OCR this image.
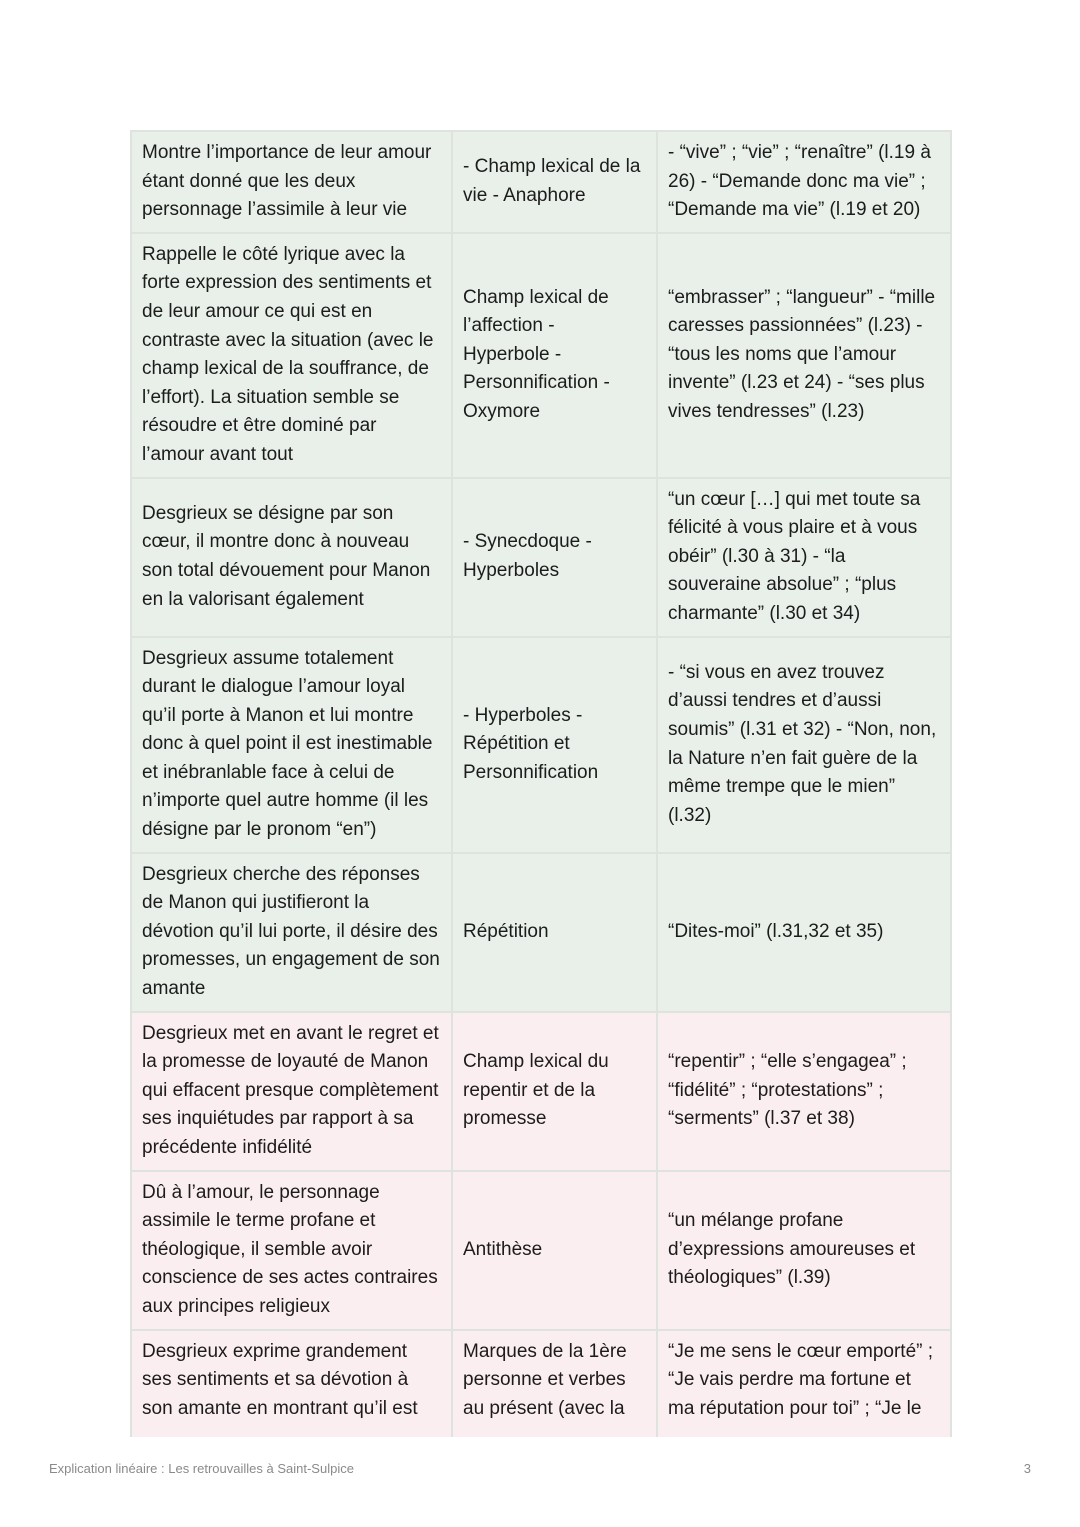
Montre l’importance de leur amour étant donné que les deux personnage l’assimile à leur vie	- Champ lexical de la vie - Anaphore	- “vive” ; “vie” ; “renaître” (l.19 à 26) - “Demande donc ma vie” ; “Demande ma vie” (l.19 et 20)
Rappelle le côté lyrique avec la forte expression des sentiments et de leur amour ce qui est en contraste avec la situation (avec le champ lexical de la souffrance, de l’effort). La situation semble se résoudre et être dominé par l’amour avant tout	Champ lexical de l’affection - Hyperbole - Personnification - Oxymore	“embrasser” ; “langueur” - “mille caresses passionnées” (l.23) - “tous les noms que l’amour invente” (l.23 et 24) - “ses plus vives tendresses” (l.23)
Desgrieux se désigne par son cœur, il montre donc à nouveau son total dévouement pour Manon en la valorisant également	- Synecdoque - Hyperboles	“un cœur […] qui met toute sa félicité à vous plaire et à vous obéir” (l.30 à 31) - “la souveraine absolue” ; “plus charmante” (l.30 et 34)
Desgrieux assume totalement durant le dialogue l’amour loyal qu’il porte à Manon et lui montre donc à quel point il est inestimable et inébranlable face à celui de n’importe quel autre homme (il les désigne par le pronom “en”)	- Hyperboles - Répétition et Personnification	- “si vous en avez trouvez d’aussi tendres et d’aussi soumis” (l.31 et 32) - “Non, non, la Nature n’en fait guère de la même trempe que le mien” (l.32)
Desgrieux cherche des réponses de Manon qui justifieront la dévotion qu’il lui porte, il désire des promesses, un engagement de son amante	Répétition	“Dites-moi” (l.31,32 et 35)
Desgrieux met en avant le regret et la promesse de loyauté de Manon qui effacent presque complètement ses inquiétudes par rapport à sa précédente infidélité	Champ lexical du repentir et de la promesse	“repentir” ; “elle s’engagea” ; “fidélité” ; “protestations” ; “serments” (l.37 et 38)
Dû à l’amour, le personnage assimile le terme profane et théologique, il semble avoir conscience de ses actes contraires aux principes religieux	Antithèse	“un mélange profane d’expressions amoureuses et théologiques” (l.39)
Desgrieux exprime grandement ses sentiments et sa dévotion à son amante en montrant qu’il est	Marques de la 1ère personne et verbes au présent (avec la	“Je me sens le cœur emporté” ; “Je vais perdre ma fortune et ma réputation pour toi” ; “Je le
Explication linéaire : Les retrouvailles à Saint-Sulpice	3
